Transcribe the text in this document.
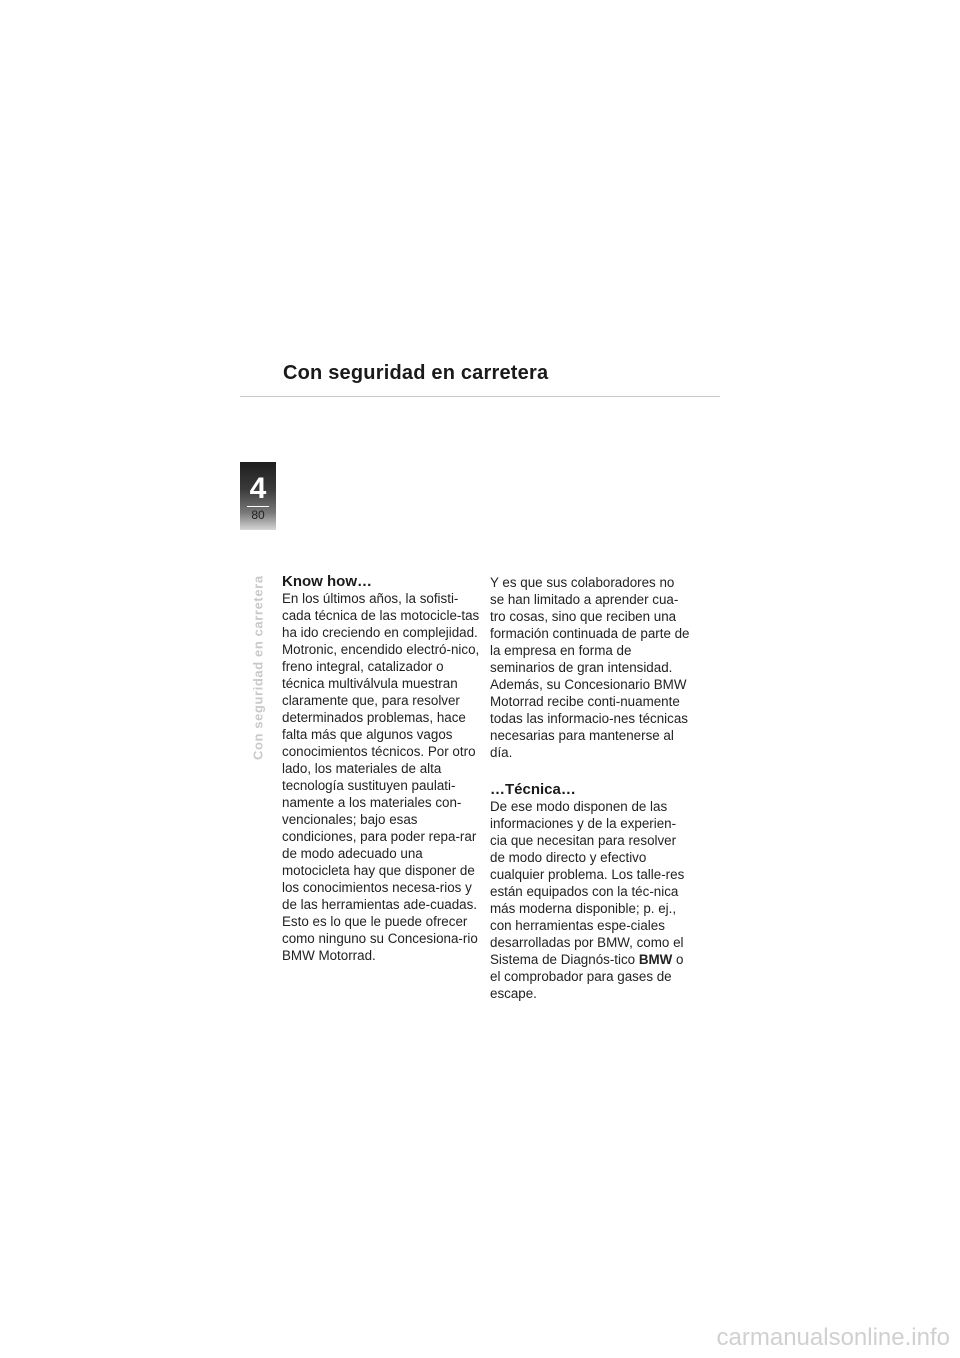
Con seguridad en carretera
4
80
Con seguridad en carretera Know how…

En los últimos años, la sofisti-cada técnica de las motocicle-tas ha ido creciendo en complejidad.

Motronic, encendido electró-nico, freno integral, catalizador o técnica multiválvula muestran claramente que, para resolver determinados problemas, hace falta más que algunos vagos conocimientos técnicos. Por otro lado, los materiales de alta tecnología sustituyen paulati-namente a los materiales con-vencionales; bajo esas condiciones, para poder repa-rar de modo adecuado una motocicleta hay que disponer de los conocimientos necesa-rios y de las herramientas ade-cuadas.

Esto es lo que le puede ofrecer como ninguno su Concesiona-rio BMW Motorrad.

Y es que sus colaboradores no se han limitado a aprender cua-tro cosas, sino que reciben una formación continuada de parte de la empresa en forma de seminarios de gran intensidad.

Además, su Concesionario BMW Motorrad recibe conti-nuamente todas las informacio-nes técnicas necesarias para mantenerse al día.

…Técnica…

De ese modo disponen de las informaciones y de la experien-cia que necesitan para resolver de modo directo y efectivo cualquier problema. Los talle-res están equipados con la téc-nica más moderna disponible; p. ej., con herramientas espe-ciales desarrolladas por BMW, como el Sistema de Diagnós-tico BMW o el comprobador para gases de escape.

carmanualsonline.info
